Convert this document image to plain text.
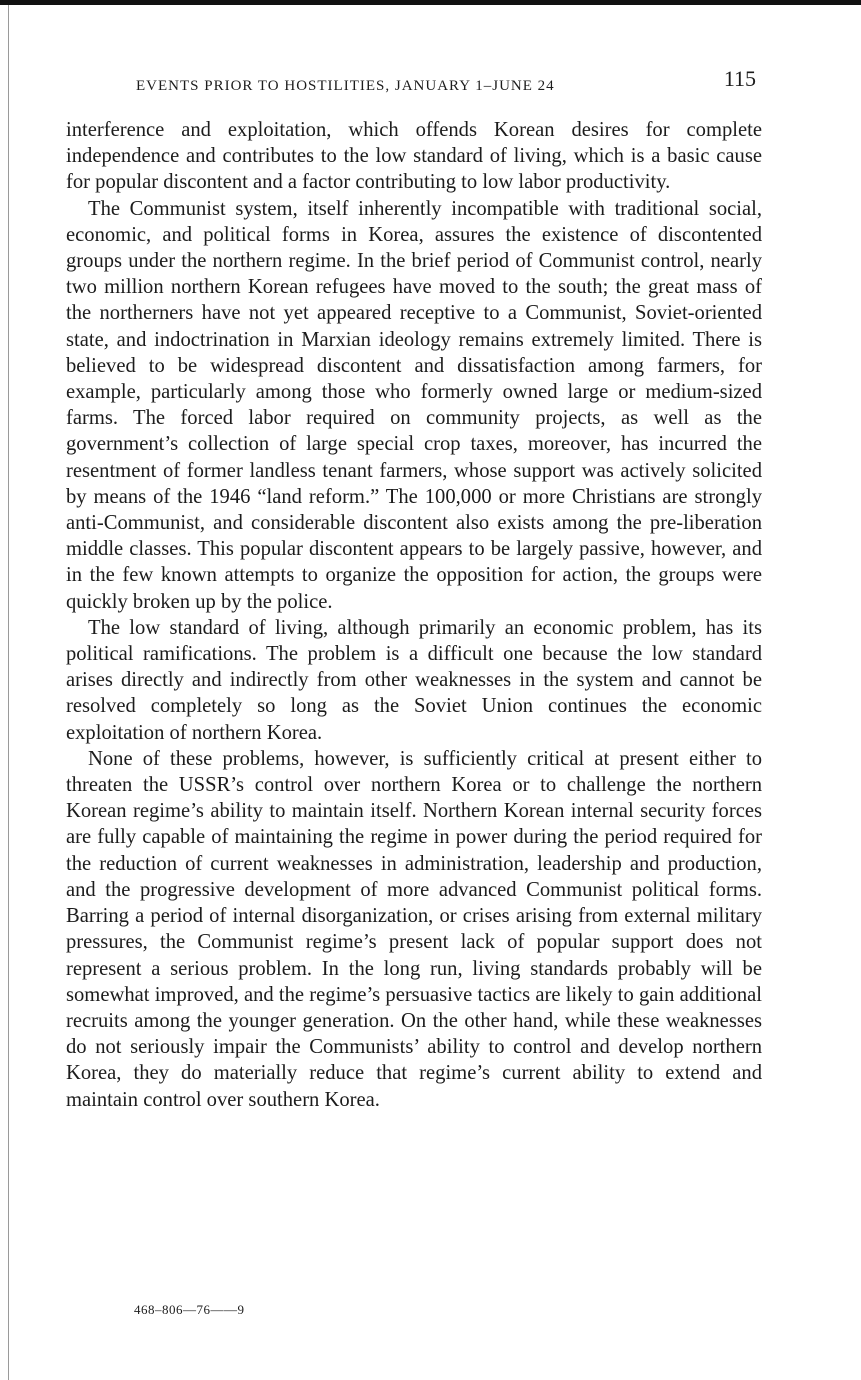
EVENTS PRIOR TO HOSTILITIES, JANUARY 1–JUNE 24	115

interference and exploitation, which offends Korean desires for complete independence and contributes to the low standard of living, which is a basic cause for popular discontent and a factor contributing to low labor productivity.

The Communist system, itself inherently incompatible with traditional social, economic, and political forms in Korea, assures the existence of discontented groups under the northern regime. In the brief period of Communist control, nearly two million northern Korean refugees have moved to the south; the great mass of the northerners have not yet appeared receptive to a Communist, Soviet-oriented state, and indoctrination in Marxian ideology remains extremely limited. There is believed to be widespread discontent and dissatisfaction among farmers, for example, particularly among those who formerly owned large or medium-sized farms. The forced labor required on community projects, as well as the government’s collection of large special crop taxes, moreover, has incurred the resentment of former landless tenant farmers, whose support was actively solicited by means of the 1946 “land reform.” The 100,000 or more Christians are strongly anti-Communist, and considerable discontent also exists among the pre-liberation middle classes. This popular discontent appears to be largely passive, however, and in the few known attempts to organize the opposition for action, the groups were quickly broken up by the police.

The low standard of living, although primarily an economic problem, has its political ramifications. The problem is a difficult one because the low standard arises directly and indirectly from other weaknesses in the system and cannot be resolved completely so long as the Soviet Union continues the economic exploitation of northern Korea.

None of these problems, however, is sufficiently critical at present either to threaten the USSR’s control over northern Korea or to challenge the northern Korean regime’s ability to maintain itself. Northern Korean internal security forces are fully capable of maintaining the regime in power during the period required for the reduction of current weaknesses in administration, leadership and production, and the progressive development of more advanced Communist political forms. Barring a period of internal disorganization, or crises arising from external military pressures, the Communist regime’s present lack of popular support does not represent a serious problem. In the long run, living standards probably will be somewhat improved, and the regime’s persuasive tactics are likely to gain additional recruits among the younger generation. On the other hand, while these weaknesses do not seriously impair the Communists’ ability to control and develop northern Korea, they do materially reduce that regime’s current ability to extend and maintain control over southern Korea.

468–806—76——9
